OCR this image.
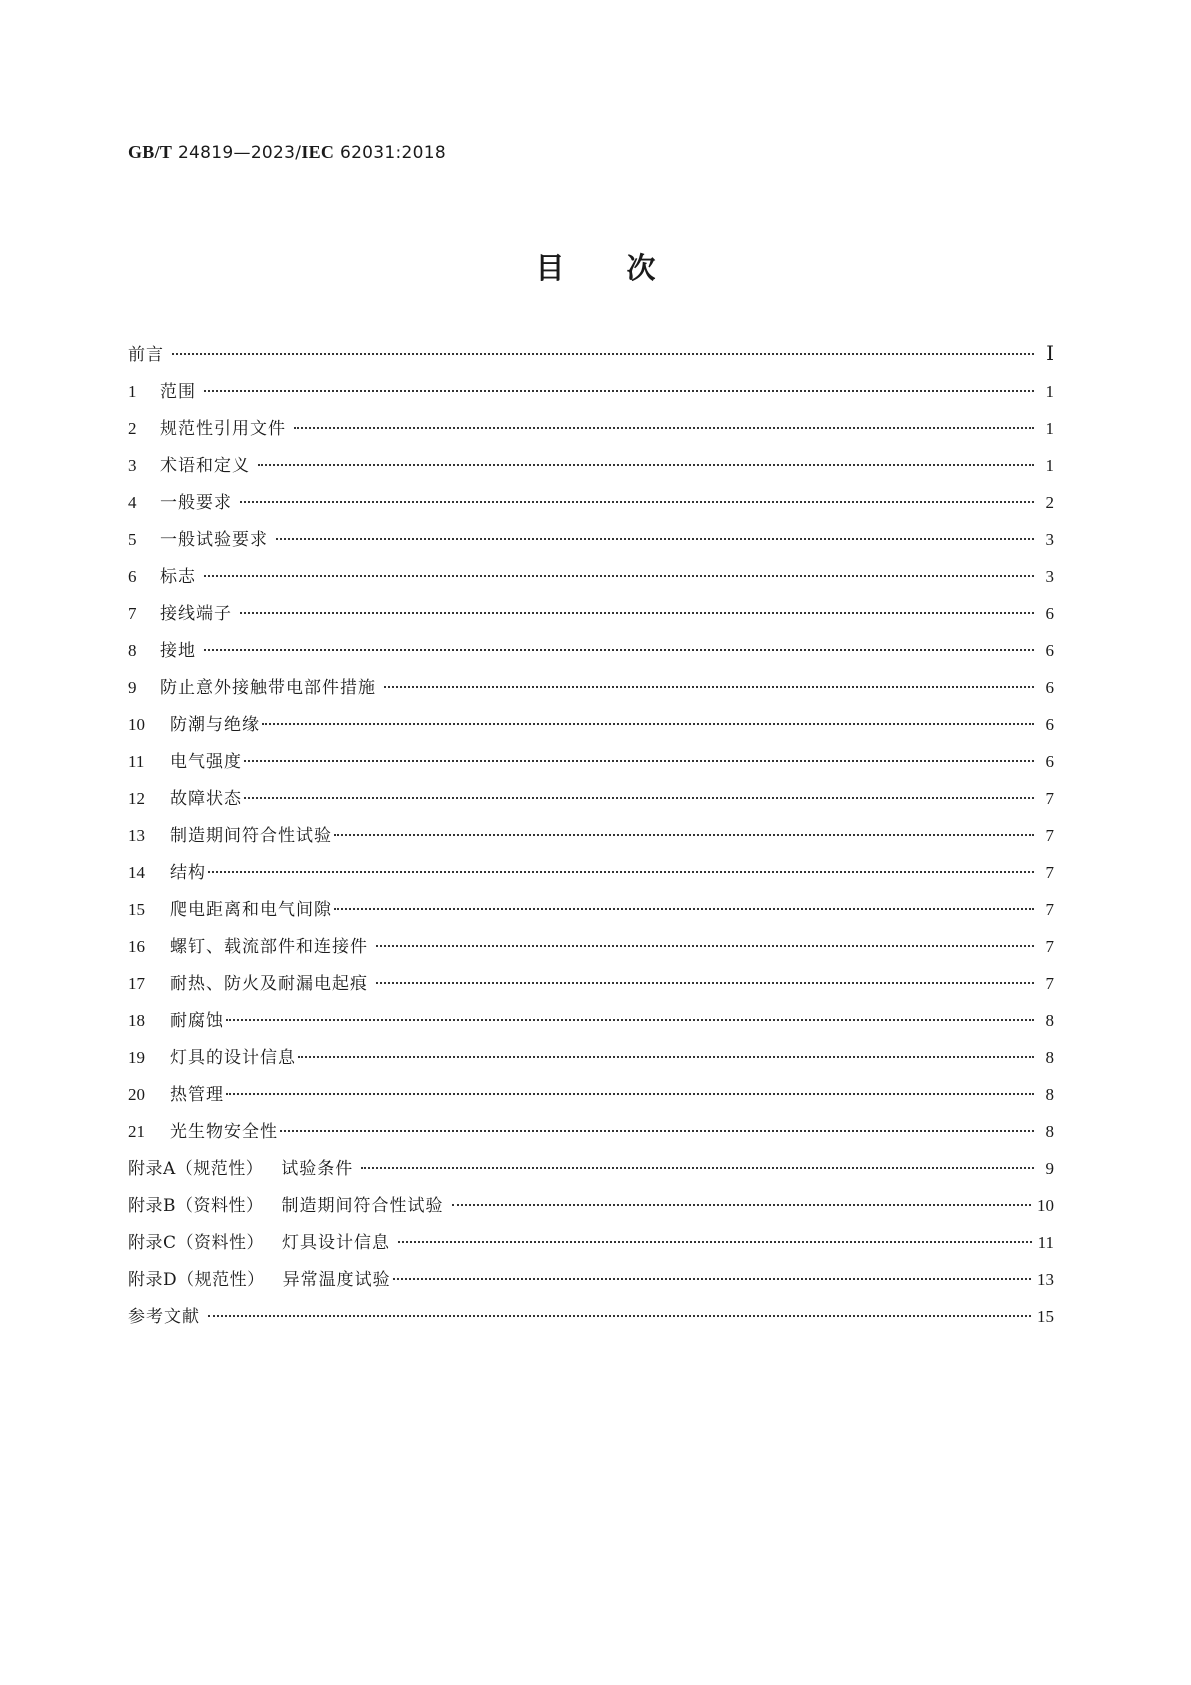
GB/T 24819—2023/IEC 62031:2018
目次
前言	Ⅰ
1	范围	1
2	规范性引用文件	1
3	术语和定义	1
4	一般要求	2
5	一般试验要求	3
6	标志	3
7	接线端子	6
8	接地	6
9	防止意外接触带电部件措施	6
10	防潮与绝缘	6
11	电气强度	6
12	故障状态	7
13	制造期间符合性试验	7
14	结构	7
15	爬电距离和电气间隙	7
16	螺钉、载流部件和连接件	7
17	耐热、防火及耐漏电起痕	7
18	耐腐蚀	8
19	灯具的设计信息	8
20	热管理	8
21	光生物安全性	8
附录A（规范性） 试验条件	9
附录B（资料性） 制造期间符合性试验	10
附录C（资料性） 灯具设计信息	11
附录D（规范性） 异常温度试验	13
参考文献	15
